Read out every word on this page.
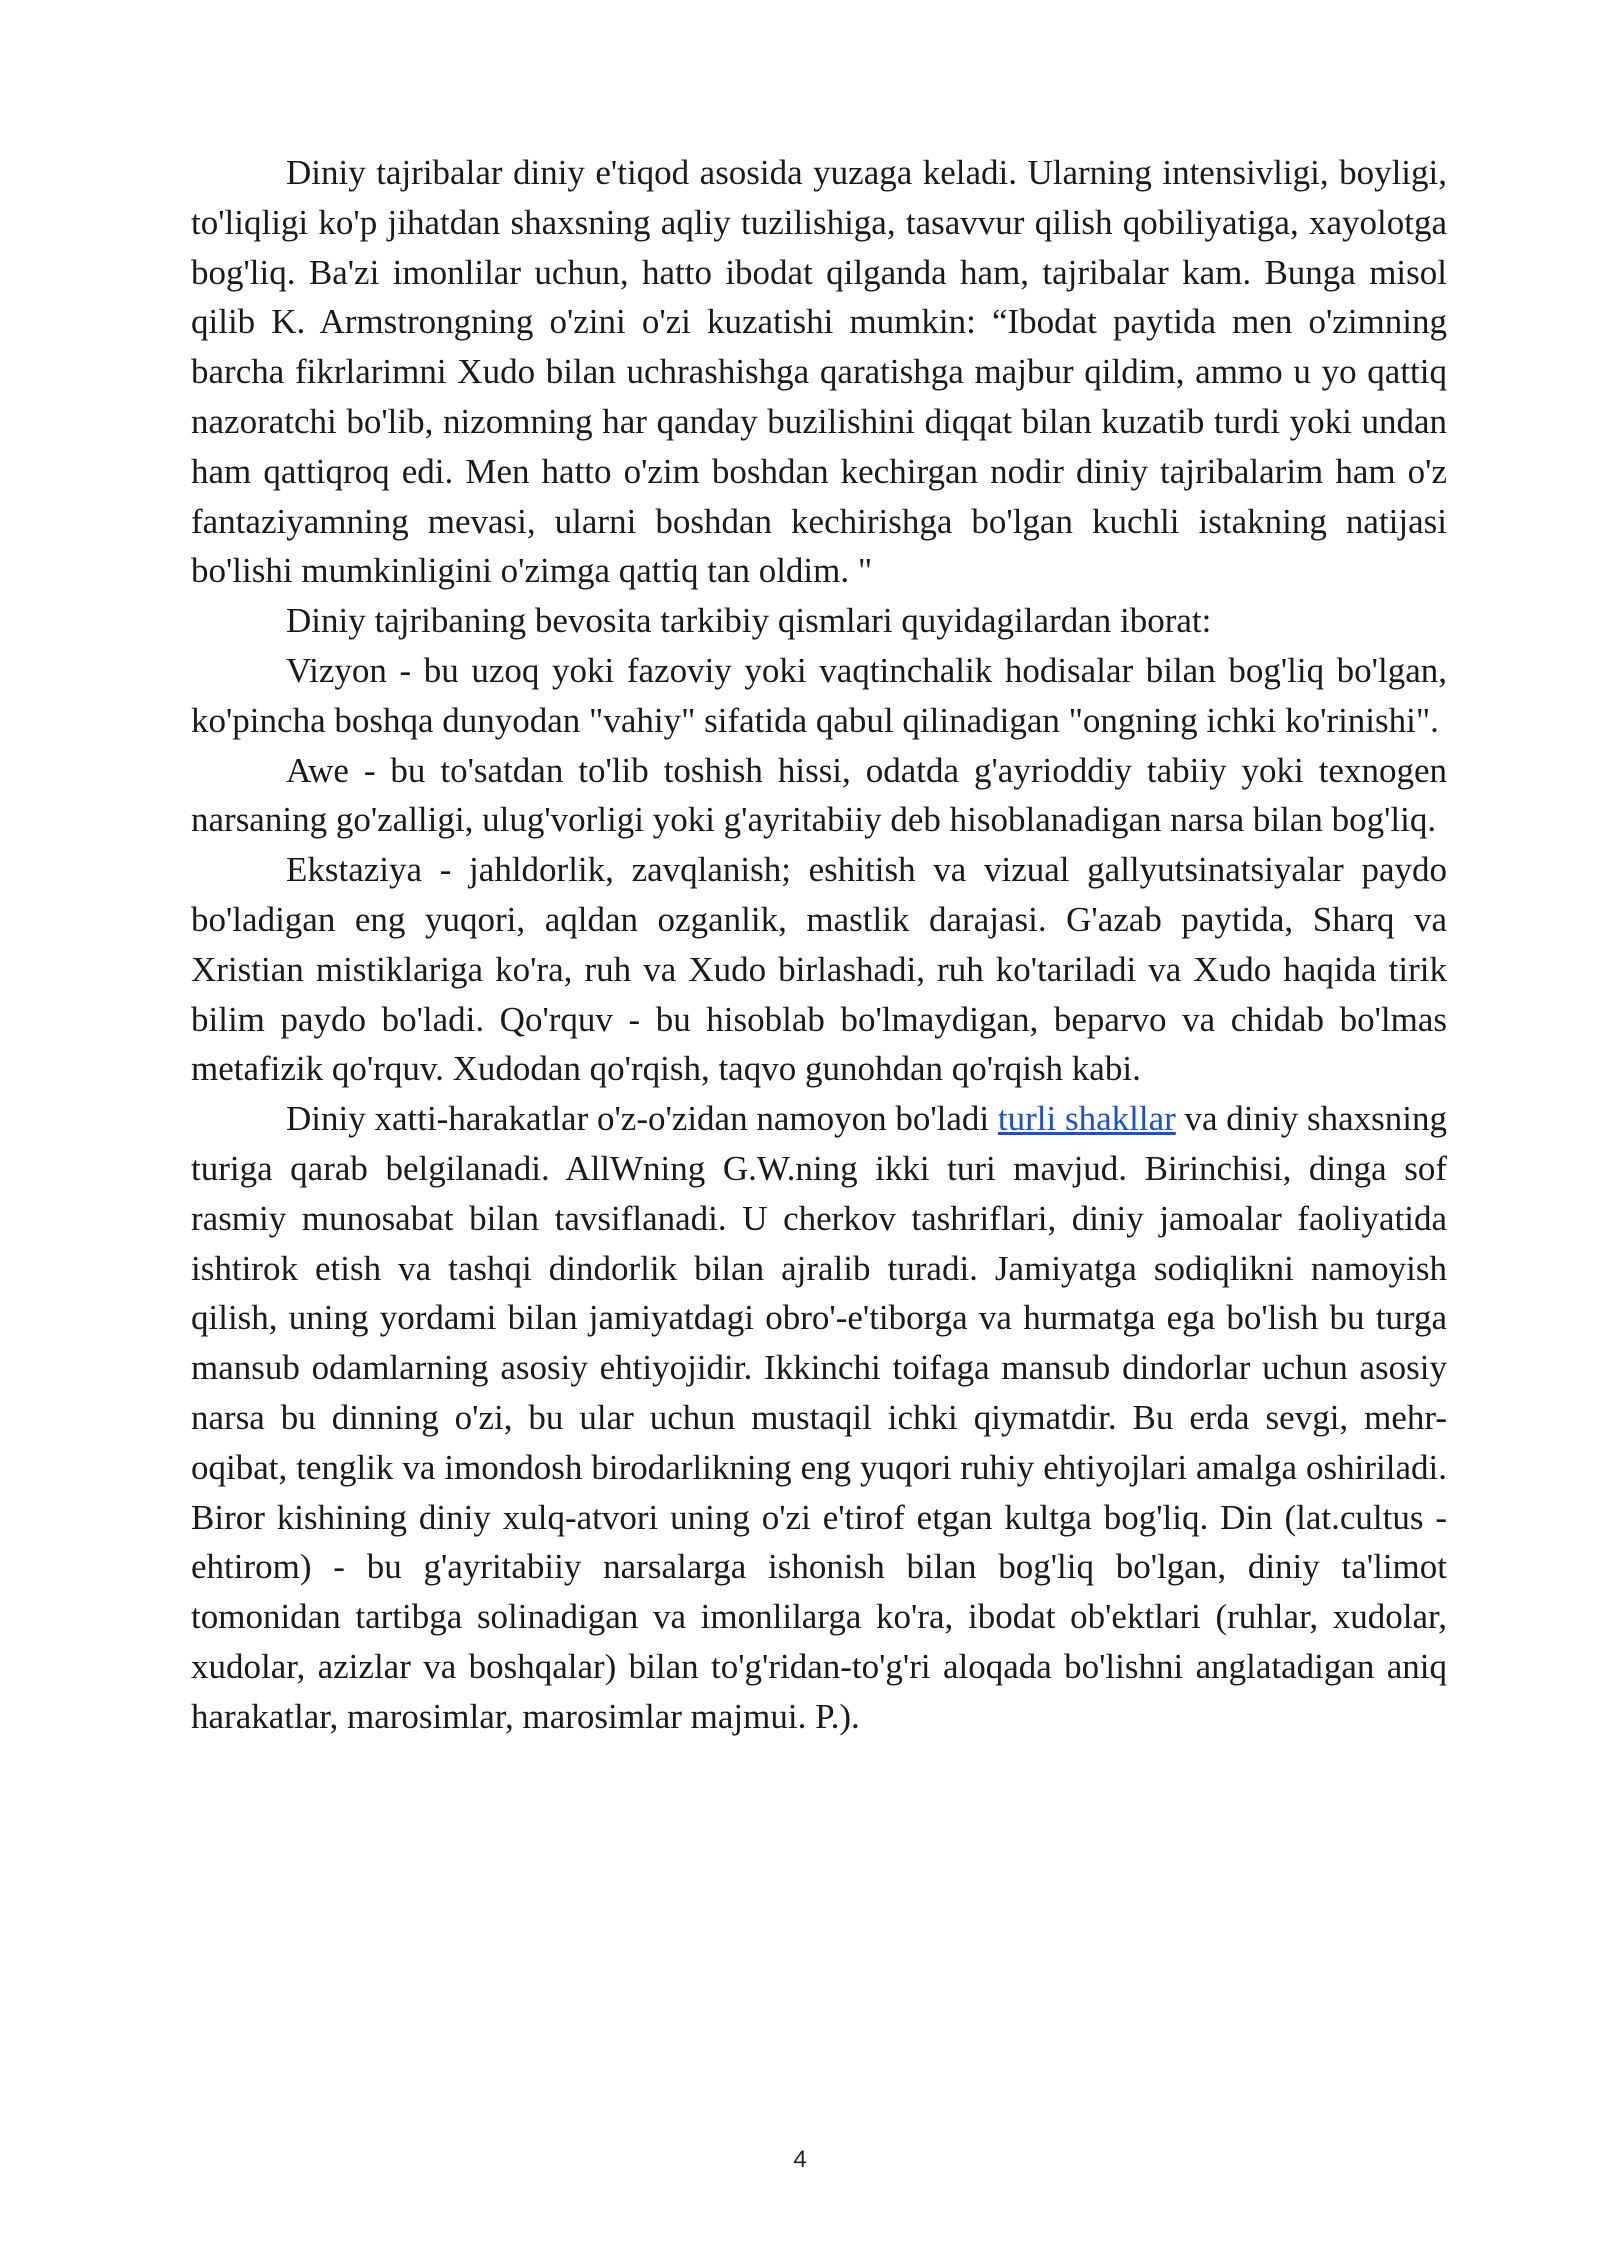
Diniy tajribalar diniy e'tiqod asosida yuzaga keladi. Ularning intensivligi, boyligi, to'liqligi ko'p jihatdan shaxsning aqliy tuzilishiga, tasavvur qilish qobiliyatiga, xayolotga bog'liq. Ba'zi imonlilar uchun, hatto ibodat qilganda ham, tajribalar kam. Bunga misol qilib K. Armstrongning o'zini o'zi kuzatishi mumkin: “Ibodat paytida men o'zimning barcha fikrlarimni Xudo bilan uchrashishga qaratishga majbur qildim, ammo u yo qattiq nazoratchi bo'lib, nizomning har qanday buzilishini diqqat bilan kuzatib turdi yoki undan ham qattiqroq edi. Men hatto o'zim boshdan kechirgan nodir diniy tajribalarim ham o'z fantaziyamning mevasi, ularni boshdan kechirishga bo'lgan kuchli istakning natijasi bo'lishi mumkinligini o'zimga qattiq tan oldim. "

Diniy tajribaning bevosita tarkibiy qismlari quyidagilardan iborat:

Vizyon - bu uzoq yoki fazoviy yoki vaqtinchalik hodisalar bilan bog'liq bo'lgan, ko'pincha boshqa dunyodan "vahiy" sifatida qabul qilinadigan "ongning ichki ko'rinishi".

Awe - bu to'satdan to'lib toshish hissi, odatda g'ayrioddiy tabiiy yoki texnogen narsaning go'zalligi, ulug'vorligi yoki g'ayritabiiy deb hisoblanadigan narsa bilan bog'liq.

Ekstaziya - jahldorlik, zavqlanish; eshitish va vizual gallyutsinatsiyalar paydo bo'ladigan eng yuqori, aqldan ozganlik, mastlik darajasi. G'azab paytida, Sharq va Xristian mistiklariga ko'ra, ruh va Xudo birlashadi, ruh ko'tariladi va Xudo haqida tirik bilim paydo bo'ladi. Qo'rquv - bu hisoblab bo'lmaydigan, beparvo va chidab bo'lmas metafizik qo'rquv. Xudodan qo'rqish, taqvo gunohdan qo'rqish kabi.

Diniy xatti-harakatlar o'z-o'zidan namoyon bo'ladi turli shakllar va diniy shaxsning turiga qarab belgilanadi. AllWning G.W.ning ikki turi mavjud. Birinchisi, dinga sof rasmiy munosabat bilan tavsiflanadi. U cherkov tashriflari, diniy jamoalar faoliyatida ishtirok etish va tashqi dindorlik bilan ajralib turadi. Jamiyatga sodiqlikni namoyish qilish, uning yordami bilan jamiyatdagi obro'-e'tiborga va hurmatga ega bo'lish bu turga mansub odamlarning asosiy ehtiyojidir. Ikkinchi toifaga mansub dindorlar uchun asosiy narsa bu dinning o'zi, bu ular uchun mustaqil ichki qiymatdir. Bu erda sevgi, mehr-oqibat, tenglik va imondosh birodarlikning eng yuqori ruhiy ehtiyojlari amalga oshiriladi. Biror kishining diniy xulq-atvori uning o'zi e'tirof etgan kultga bog'liq. Din (lat.cultus - ehtirom) - bu g'ayritabiiy narsalarga ishonish bilan bog'liq bo'lgan, diniy ta'limot tomonidan tartibga solinadigan va imonlilarga ko'ra, ibodat ob'ektlari (ruhlar, xudolar, xudolar, azizlar va boshqalar) bilan to'g'ridan-to'g'ri aloqada bo'lishni anglatadigan aniq harakatlar, marosimlar, marosimlar majmui. P.).

4
